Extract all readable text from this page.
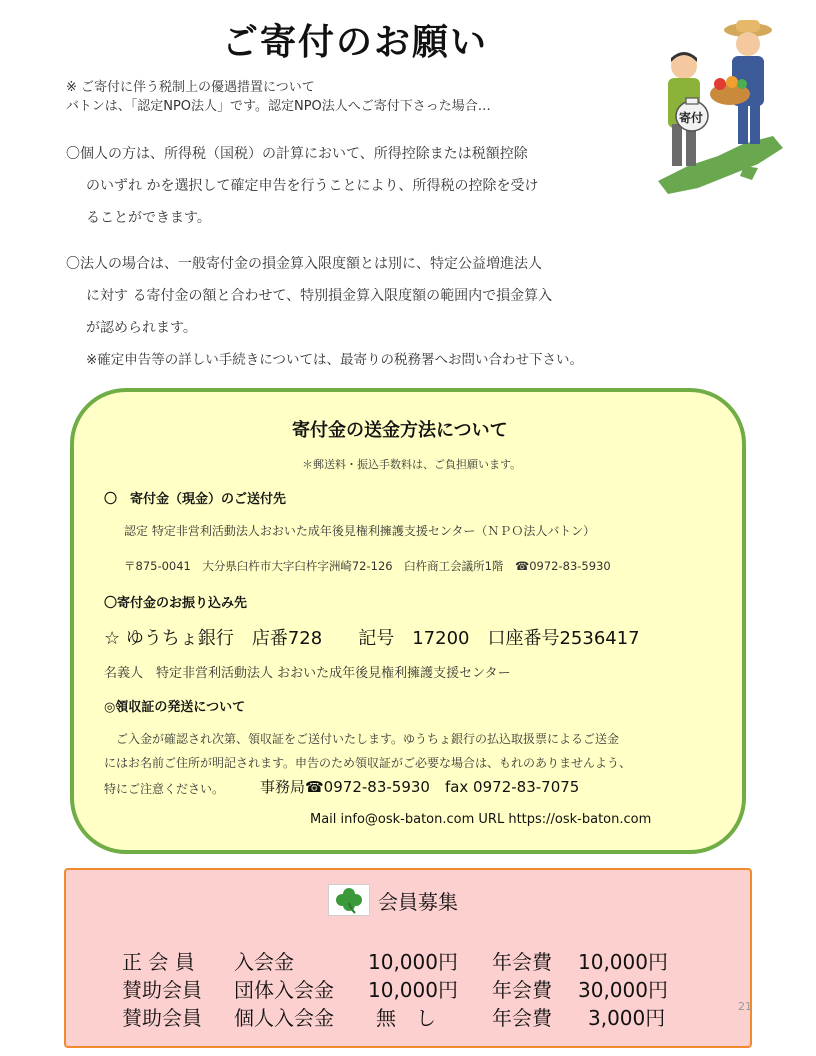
ご寄付のお願い
※ ご寄付に伴う税制上の優遇措置について
バトンは、「認定NPO法人」です。認定NPO法人へご寄付下さった場合…
〇個人の方は、所得税（国税）の計算において、所得控除または税額控除
のいずれ かを選択して確定申告を行うことにより、所得税の控除を受け
ることができます。
〇法人の場合は、一般寄付金の損金算入限度額とは別に、特定公益増進法人
に対す る寄付金の額と合わせて、特別損金算入限度額の範囲内で損金算入
が認められます。
※確定申告等の詳しい手続きについては、最寄りの税務署へお問い合わせ下さい。
寄付
寄付金の送金方法について
＊郵送料・振込手数料は、ご負担願います。
〇　寄付金（現金）のご送付先
認定 特定非営利活動法人おおいた成年後見権利擁護支援センター（ＮＰＯ法人バトン）
〒875-0041　大分県臼杵市大字臼杵字洲崎72-126　臼杵商工会議所1階　☎0972-83-5930
〇寄付金のお振り込み先
☆ ゆうちょ銀行　店番728　　記号　17200　口座番号2536417
名義人　特定非営利活動法人 おおいた成年後見権利擁護支援センター
◎領収証の発送について
　ご入金が確認され次第、領収証をご送付いたします。ゆうちょ銀行の払込取扱票によるご送金
にはお名前ご住所が明記されます。申告のため領収証がご必要な場合は、もれのありませんよう、
特にご注意ください。 事務局☎0972-83-5930　fax 0972-83-7075
Mail info@osk-baton.com URL https://osk-baton.com
会員募集
正 会 員 入会金	10,000円 年会費 10,000円
賛助会員 団体入会金 10,000円 年会費 30,000円
賛助会員 個人入会金 無　し	年会費 3,000円	21
